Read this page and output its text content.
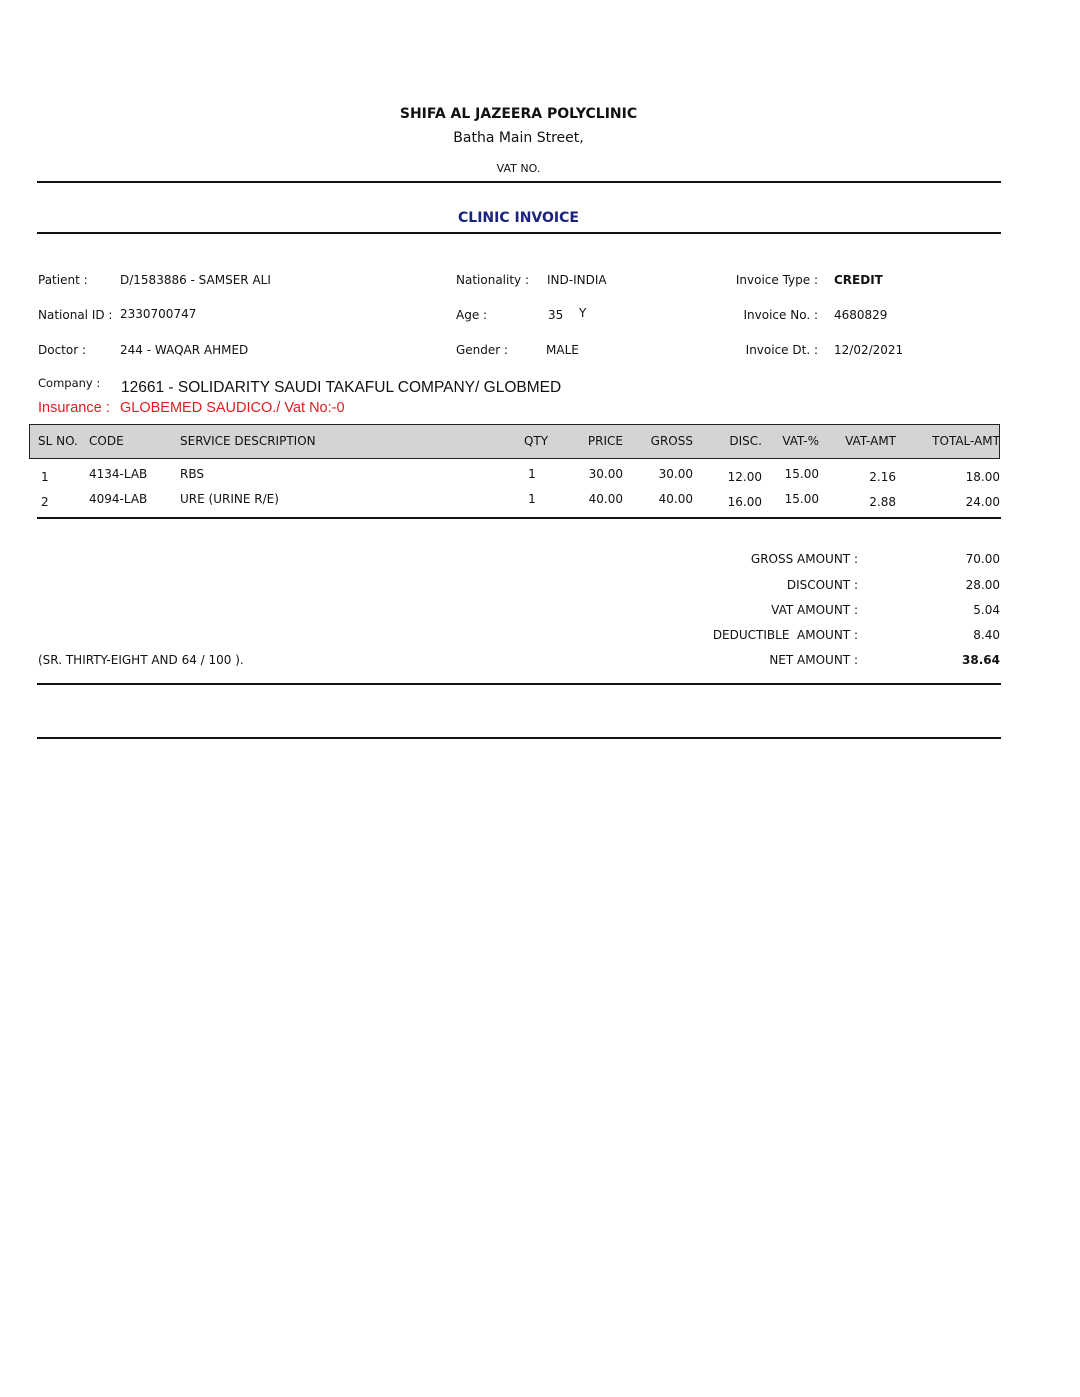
SHIFA AL JAZEERA POLYCLINIC
Batha Main Street,
VAT NO.
CLINIC INVOICE
Patient :	D/1583886 - SAMSER ALI
National ID : 2330700747
Doctor :	244 - WAQAR AHMED
Nationality : IND-INDIA
Age :	35 Y
Gender :	MALE
Invoice Type : CREDIT
Invoice No. : 4680829
Invoice Dt. : 12/02/2021
Company : 12661 - SOLIDARITY SAUDI TAKAFUL COMPANY/ GLOBMED
Insurance : GLOBEMED SAUDICO./ Vat No:-0
SL NO. CODE	SERVICE DESCRIPTION	QTY	PRICE	GROSS	DISC.	VAT-%	VAT-AMT	TOTAL-AMT
1	4134-LAB	RBS	1	30.00	30.00	12.00	15.00	2.16	18.00
2	4094-LAB	URE (URINE R/E)	1	40.00	40.00	16.00	15.00	2.88	24.00
GROSS AMOUNT :	70.00
DISCOUNT :	28.00
VAT AMOUNT :	5.04
DEDUCTIBLE  AMOUNT :	8.40
(SR. THIRTY-EIGHT AND 64 / 100 ).	NET AMOUNT :	38.64
